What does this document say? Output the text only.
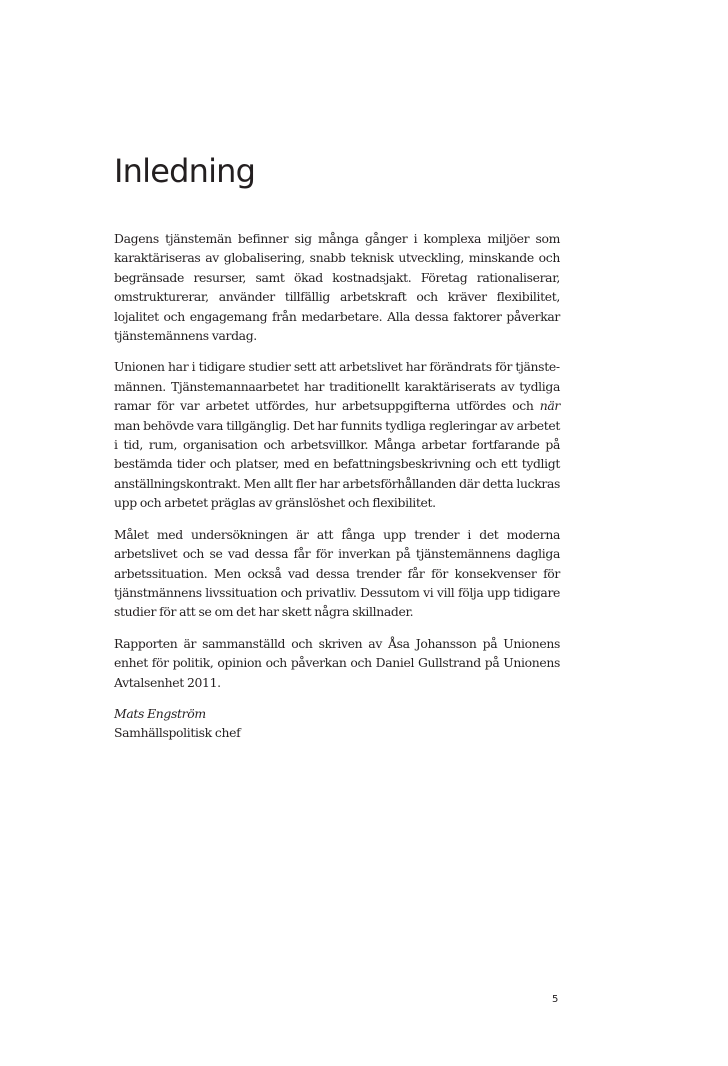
Inledning

Dagens tjänstemän befinner sig många gånger i komplexa miljöer som karaktäriseras av globalisering, snabb teknisk utveckling, minskande och begränsade resurser, samt ökad kostnadsjakt. Företag rationaliserar, omstrukturerar, använder tillfällig arbetskraft och kräver flexibilitet, lojalitet och engagemang från medarbetare. Alla dessa faktorer påverkar tjänstemännens vardag.

Unionen har i tidigare studier sett att arbetslivet har förändrats för tjänstemännen. Tjänstemannaarbetet har traditionellt karaktäriserats av tydliga ramar för var arbetet utfördes, hur arbetsuppgifterna utfördes och när man behövde vara tillgänglig. Det har funnits tydliga regleringar av arbetet i tid, rum, organisation och arbetsvillkor. Många arbetar fortfarande på bestämda tider och platser, med en befattningsbeskrivning och ett tydligt anställningskontrakt. Men allt fler har arbetsförhållanden där detta luckras upp och arbetet präglas av gränslöshet och flexibilitet.

Målet med undersökningen är att fånga upp trender i det moderna arbetslivet och se vad dessa får för inverkan på tjänstemännens dagliga arbetssituation. Men också vad dessa trender får för konsekvenser för tjänstmännens livssituation och privatliv. Dessutom vi vill följa upp tidigare studier för att se om det har skett några skillnader.

Rapporten är sammanställd och skriven av Åsa Johansson på Unionens enhet för politik, opinion och påverkan och Daniel Gullstrand på Unionens Avtalsenhet 2011.

Mats Engström
Samhällspolitisk chef
5
